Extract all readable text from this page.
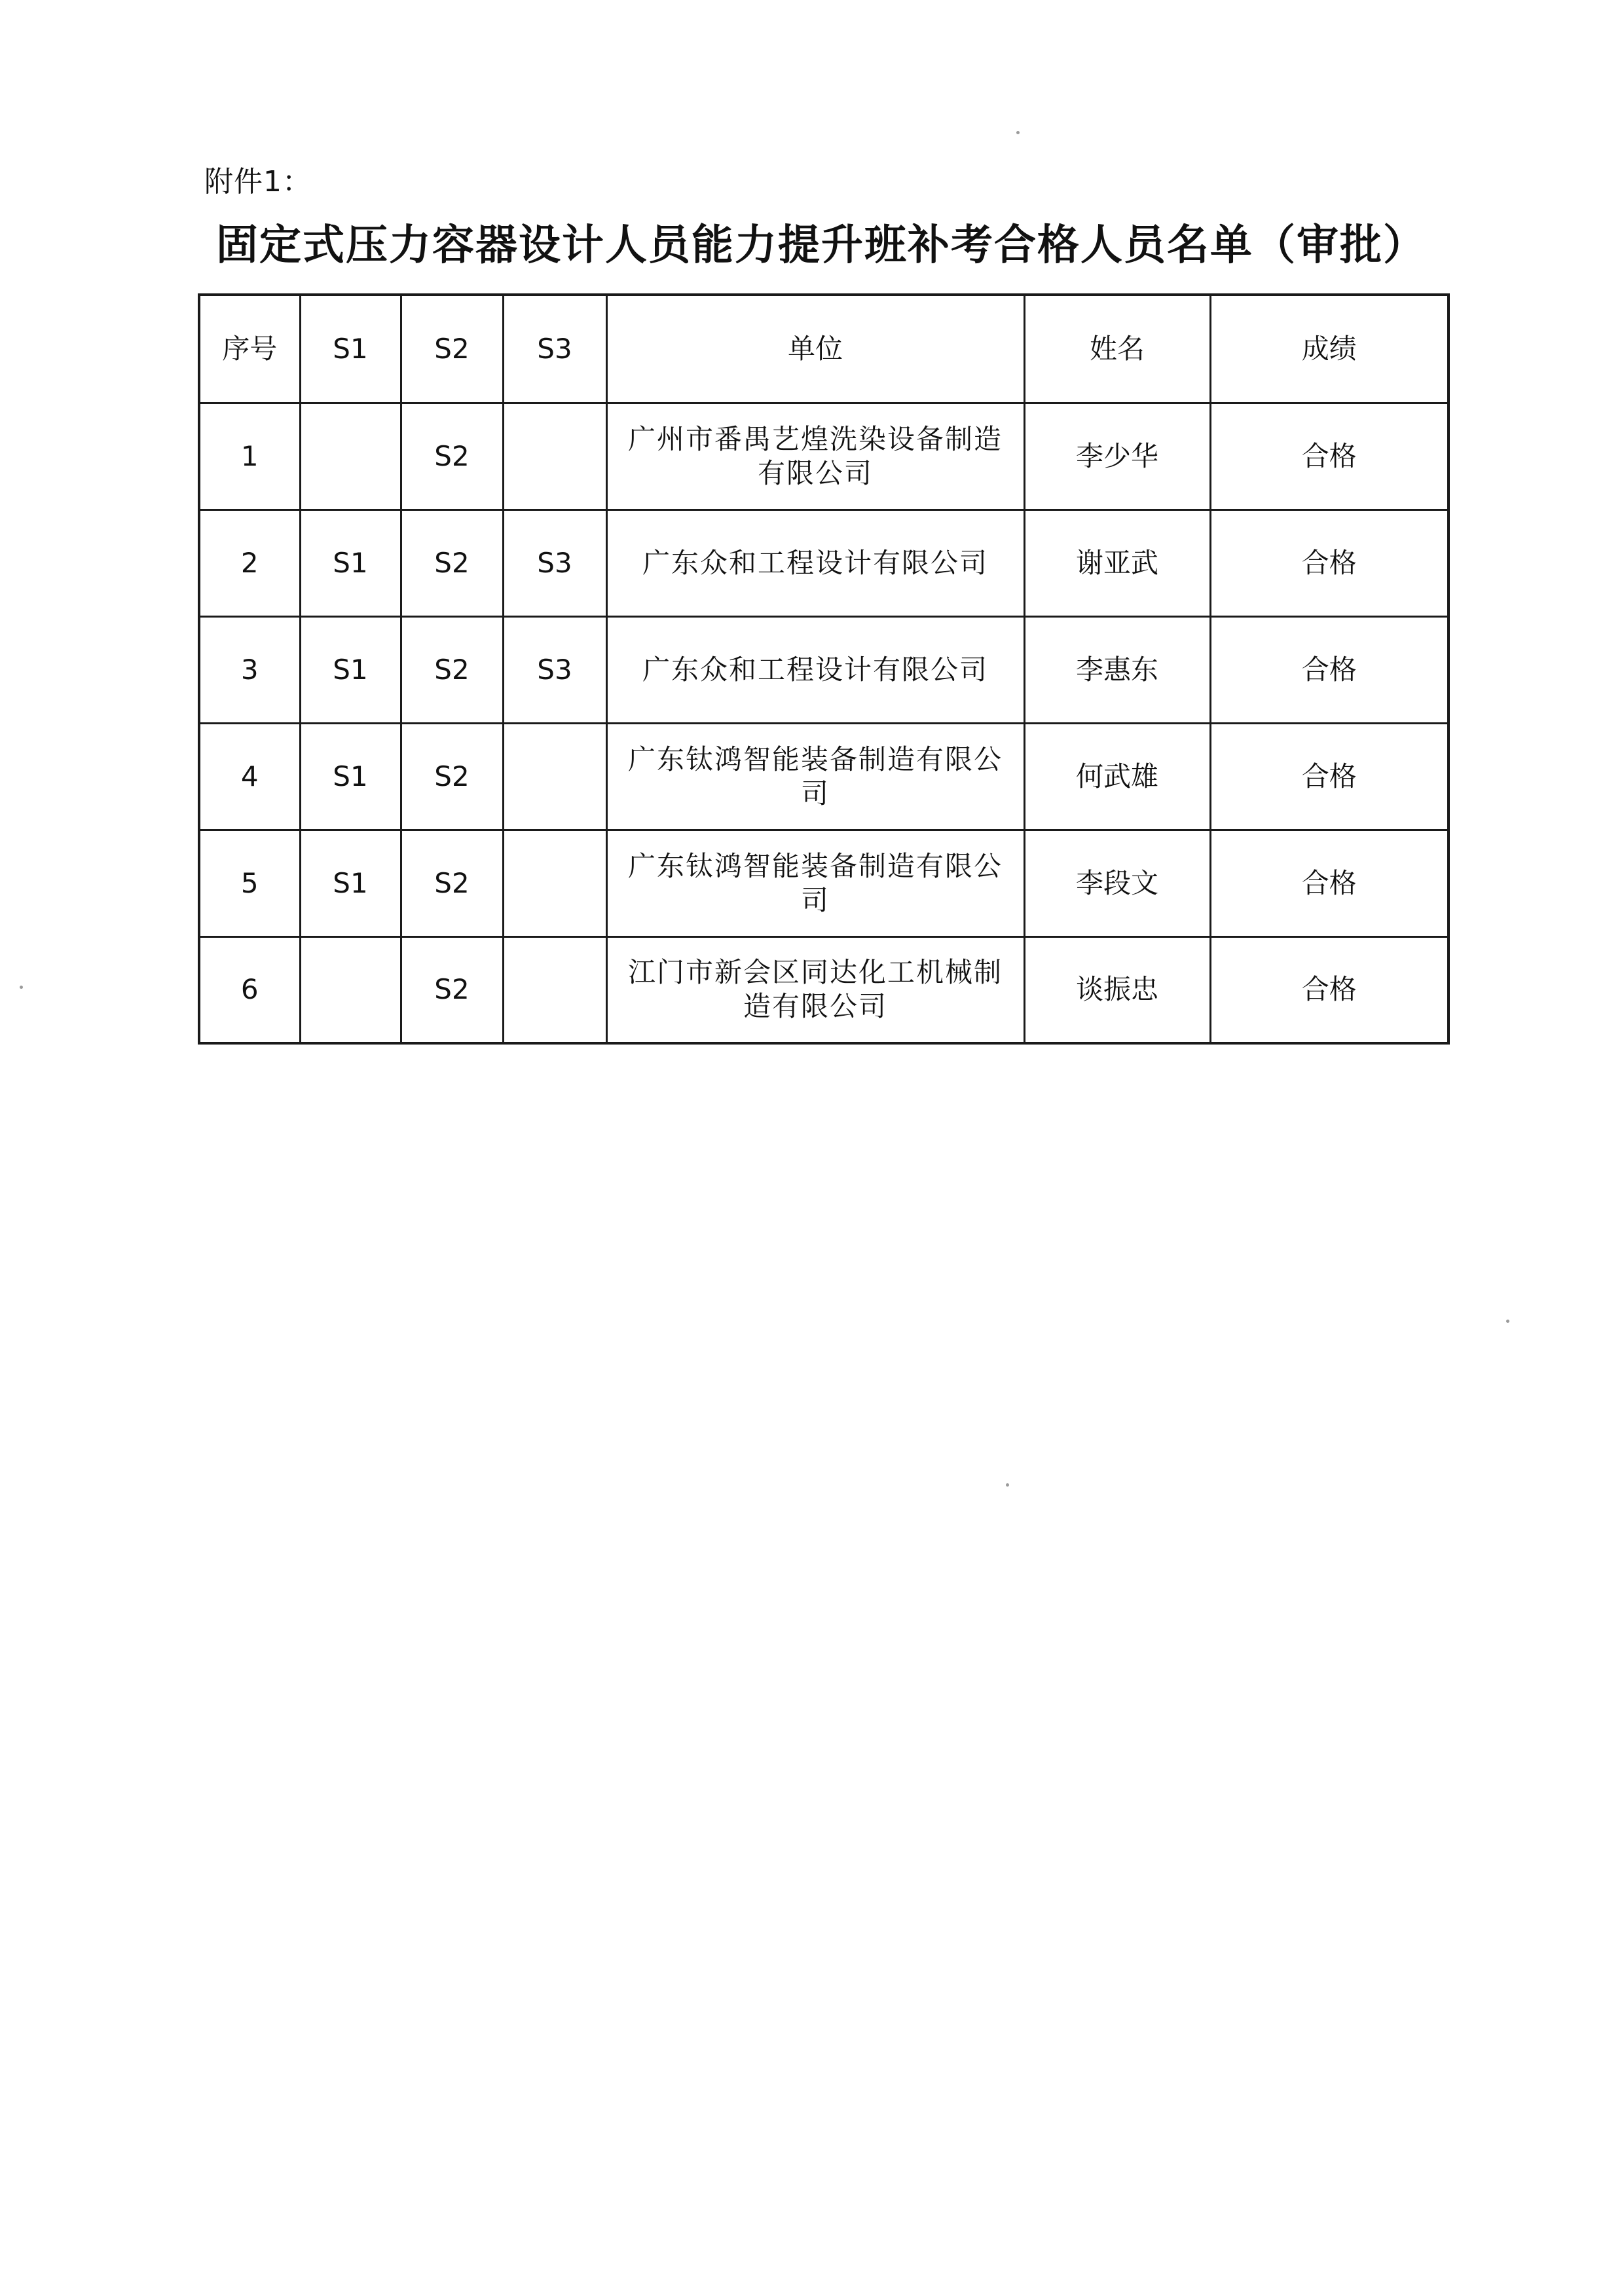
附件1：
固定式压力容器设计人员能力提升班补考合格人员名单（审批）
序号	S1	S2	S3	单位	姓名	成绩
1		S2		广州市番禺艺煌洗染设备制造有限公司	李少华	合格
2	S1	S2	S3	广东众和工程设计有限公司	谢亚武	合格
3	S1	S2	S3	广东众和工程设计有限公司	李惠东	合格
4	S1	S2		广东钛鸿智能装备制造有限公司	何武雄	合格
5	S1	S2		广东钛鸿智能装备制造有限公司	李段文	合格
6		S2		江门市新会区同达化工机械制造有限公司	谈振忠	合格
